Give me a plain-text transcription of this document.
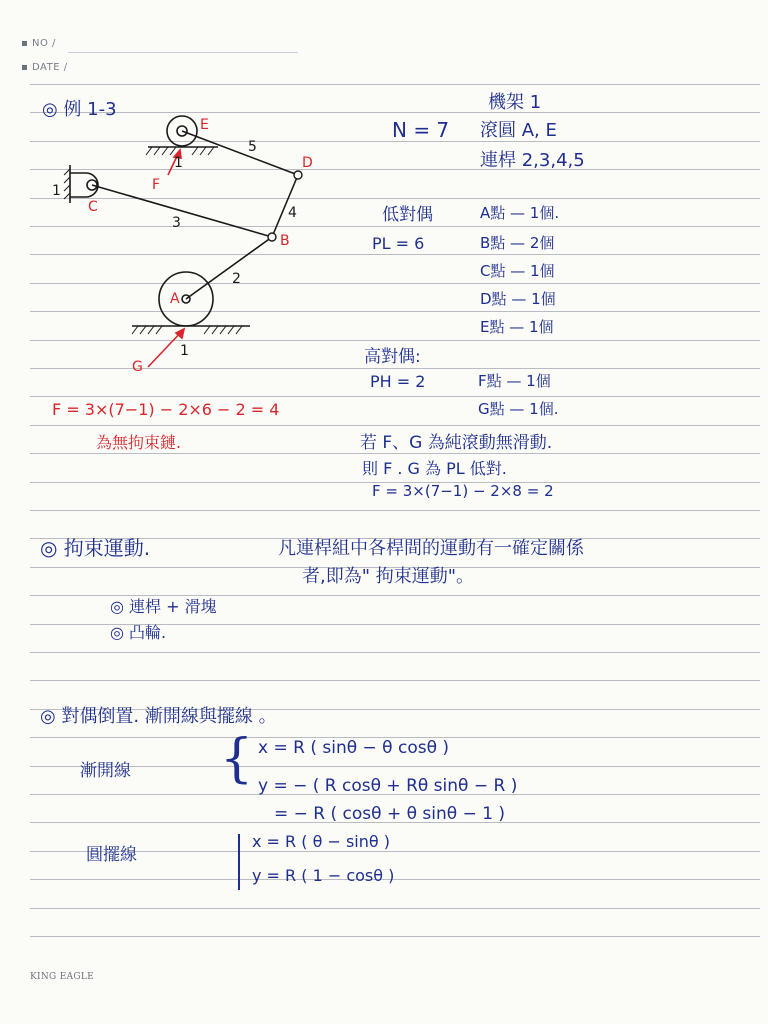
NO /
DATE /
◎ 例 1-3
E
D
C
B
A
F
G
5
4
3
2
1
1
1
N = 7
機架 1
滾圓 A, E
連桿 2,3,4,5
低對偶
PL = 6
A點 — 1個.
B點 — 2個
C點 — 1個
D點 — 1個
E點 — 1個
高對偶:
PH = 2	F點 — 1個
G點 — 1個.
F = 3×(7−1) − 2×6 − 2 = 4
為無拘束鏈.	若 F、G 為純滾動無滑動.
則 F . G 為 PL 低對.
F = 3×(7−1) − 2×8 = 2
◎ 拘束運動.	凡連桿組中各桿間的運動有一確定關係
者,即為" 拘束運動"。
◎ 連桿 + 滑塊
◎ 凸輪.
◎ 對偶倒置. 漸開線與擺線 。
漸開線 { x = R ( sinθ − θ cosθ )
y = − ( R cosθ + Rθ sinθ − R )
= − R ( cosθ + θ sinθ − 1 )
圓擺線
x = R ( θ − sinθ )
y = R ( 1 − cosθ )
KING EAGLE
